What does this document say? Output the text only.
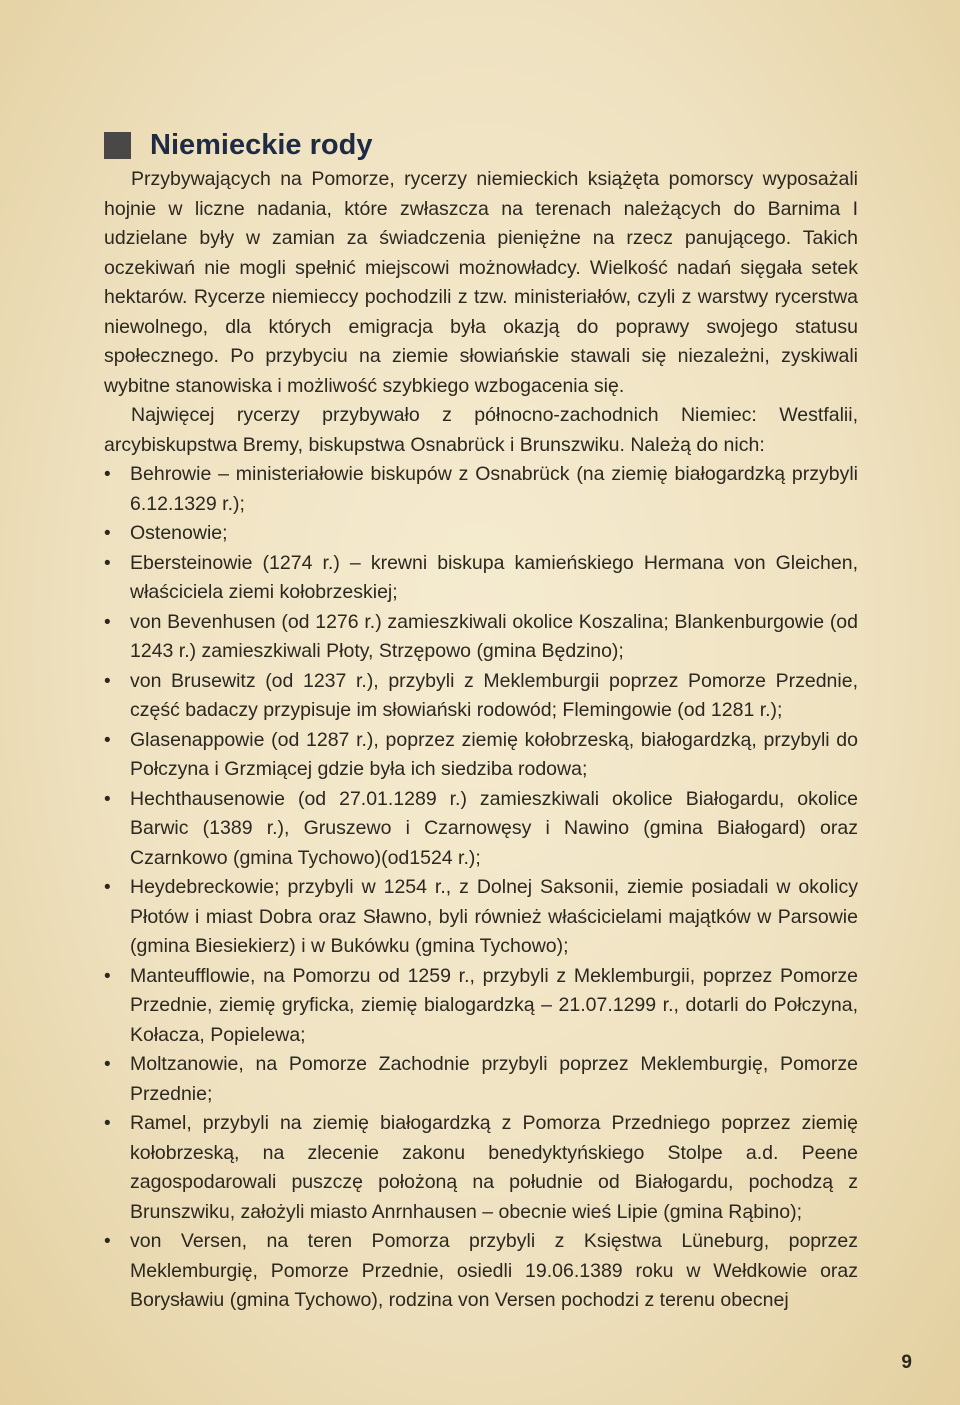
Niemieckie rody

Przybywających na Pomorze, rycerzy niemieckich książęta pomorscy wyposażali hojnie w liczne nadania, które zwłaszcza na terenach należących do Barnima I udzielane były w zamian za świadczenia pieniężne na rzecz panującego. Takich oczekiwań nie mogli spełnić miejscowi możnowładcy. Wielkość nadań sięgała setek hektarów. Rycerze niemieccy pochodzili z tzw. ministeriałów, czyli z warstwy rycerstwa niewolnego, dla których emigracja była okazją do poprawy swojego statusu społecznego. Po przybyciu na ziemie słowiańskie stawali się niezależni, zyskiwali wybitne stanowiska i możliwość szybkiego wzbogacenia się.

Najwięcej rycerzy przybywało z północno-zachodnich Niemiec: Westfalii, arcybiskupstwa Bremy, biskupstwa Osnabrück i Brunszwiku. Należą do nich:

• Behrowie – ministeriałowie biskupów z Osnabrück (na ziemię białogardzką przybyli 6.12.1329 r.);
• Ostenowie;
• Ebersteinowie (1274 r.) – krewni biskupa kamieńskiego Hermana von Gleichen, właściciela ziemi kołobrzeskiej;
• von Bevenhusen (od 1276 r.) zamieszkiwali okolice Koszalina; Blankenburgowie (od 1243 r.) zamieszkiwali Płoty, Strzępowo (gmina Będzino);
• von Brusewitz (od 1237 r.), przybyli z Meklemburgii poprzez Pomorze Przednie, część badaczy przypisuje im słowiański rodowód; Flemingowie (od 1281 r.);
• Glasenappowie (od 1287 r.), poprzez ziemię kołobrzeską, białogardzką, przybyli do Połczyna i Grzmiącej gdzie była ich siedziba rodowa;
• Hechthausenowie (od 27.01.1289 r.) zamieszkiwali okolice Białogardu, okolice Barwic (1389 r.), Gruszewo i Czarnowęsy i Nawino (gmina Białogard) oraz Czarnkowo (gmina Tychowo)(od1524 r.);
• Heydebreckowie; przybyli w 1254 r., z Dolnej Saksonii, ziemie posiadali w okolicy Płotów i miast Dobra oraz Sławno, byli również właścicielami majątków w Parsowie (gmina Biesiekierz) i w Bukówku (gmina Tychowo);
• Manteufflowie, na Pomorzu od 1259 r., przybyli z Meklemburgii, poprzez Pomorze Przednie, ziemię gryficka, ziemię bialogardzką – 21.07.1299 r., dotarli do Połczyna, Kołacza, Popielewa;
• Moltzanowie, na Pomorze Zachodnie przybyli poprzez Meklemburgię, Pomorze Przednie;
• Ramel, przybyli na ziemię białogardzką z Pomorza Przedniego poprzez ziemię kołobrzeską, na zlecenie zakonu benedyktyńskiego Stolpe a.d. Peene zagospodarowali puszczę położoną na południe od Białogardu, pochodzą z Brunszwiku, założyli miasto Anrnhausen – obecnie wieś Lipie (gmina Rąbino);
• von Versen, na teren Pomorza przybyli z Księstwa Lüneburg, poprzez Meklemburgię, Pomorze Przednie, osiedli 19.06.1389 roku w Wełdkowie oraz Borysławiu (gmina Tychowo), rodzina von Versen pochodzi z terenu obecnej
9
